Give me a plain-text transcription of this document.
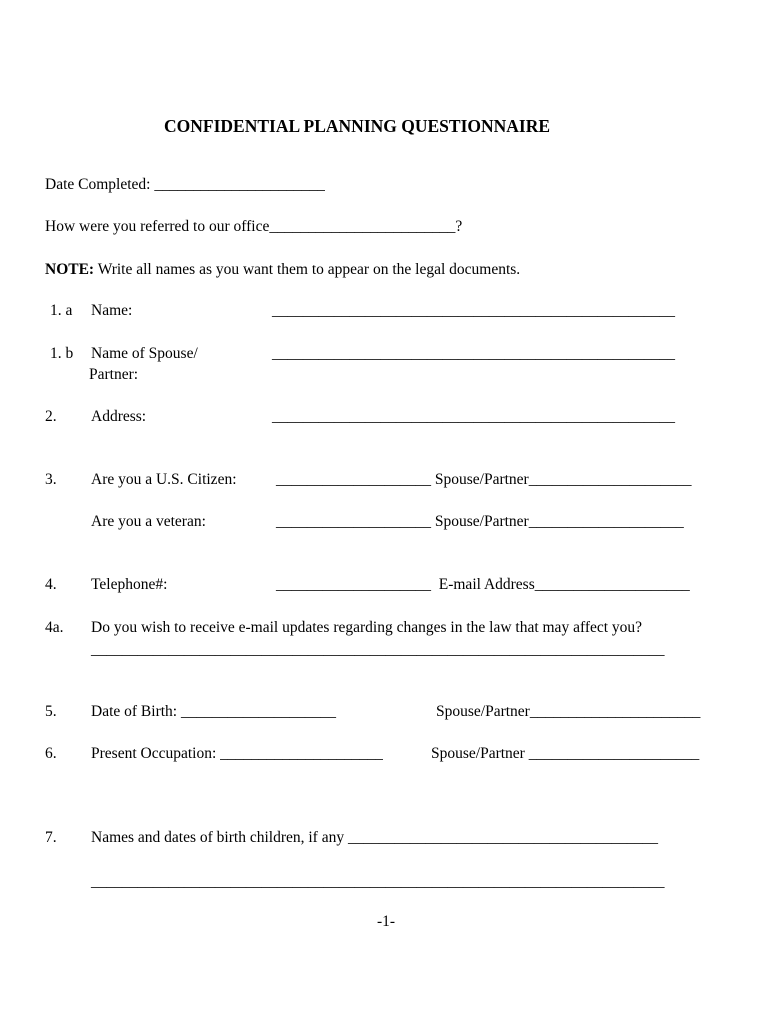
CONFIDENTIAL PLANNING QUESTIONNAIRE
Date Completed: ______________________
How were you referred to our office________________________?
NOTE: Write all names as you want them to appear on the legal documents.
1. a Name:	____________________________________________________
1. b Name of Spouse/
Partner:
____________________________________________________
2. Address:	____________________________________________________
3. Are you a U.S. Citizen:	____________________ Spouse/Partner_____________________
Are you a veteran:	____________________ Spouse/Partner____________________
4. Telephone#:	____________________  E-mail Address____________________
4a. Do you wish to receive e-mail updates regarding changes in the law that may affect you?
__________________________________________________________________________
5. Date of Birth: ____________________	Spouse/Partner______________________
6. Present Occupation: _____________________	Spouse/Partner ______________________
7. Names and dates of birth children, if any ________________________________________
__________________________________________________________________________
-1-
